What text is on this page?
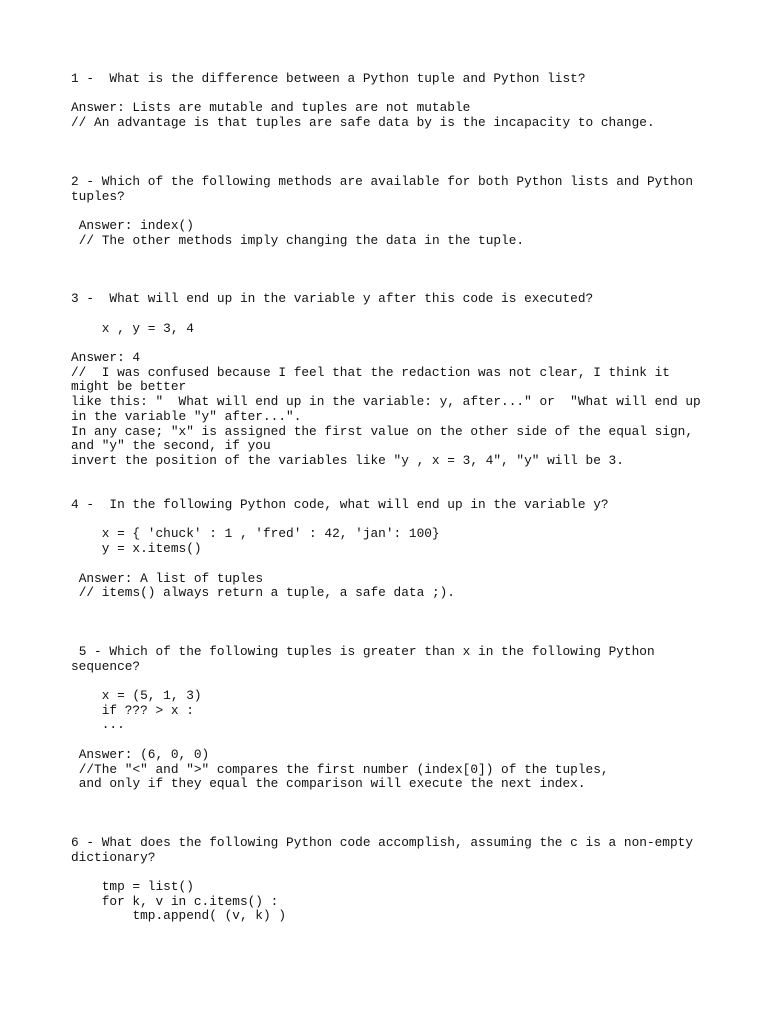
1 -  What is the difference between a Python tuple and Python list?

Answer: Lists are mutable and tuples are not mutable

// An advantage is that tuples are safe data by is the incapacity to change.

2 - Which of the following methods are available for both Python lists and Python tuples?

Answer: index()

// The other methods imply changing the data in the tuple.

3 -  What will end up in the variable y after this code is executed?

x , y = 3, 4

Answer: 4

//  I was confused because I feel that the redaction was not clear, I think it might be better

like this: "  What will end up in the variable: y, after..." or  "What will end up in the variable "y" after...".

In any case; "x" is assigned the first value on the other side of the equal sign, and "y" the second, if you

invert the position of the variables like "y , x = 3, 4", "y" will be 3.

4 -  In the following Python code, what will end up in the variable y?

x = { 'chuck' : 1 , 'fred' : 42, 'jan': 100}

y = x.items()

Answer: A list of tuples

// items() always return a tuple, a safe data ;).

5 - Which of the following tuples is greater than x in the following Python sequence?

x = (5, 1, 3)

if ??? > x :

...

Answer: (6, 0, 0)

//The "<" and ">" compares the first number (index[0]) of the tuples,

and only if they equal the comparison will execute the next index.

6 - What does the following Python code accomplish, assuming the c is a non-empty dictionary?

tmp = list()

for k, v in c.items() :

tmp.append( (v, k) )
